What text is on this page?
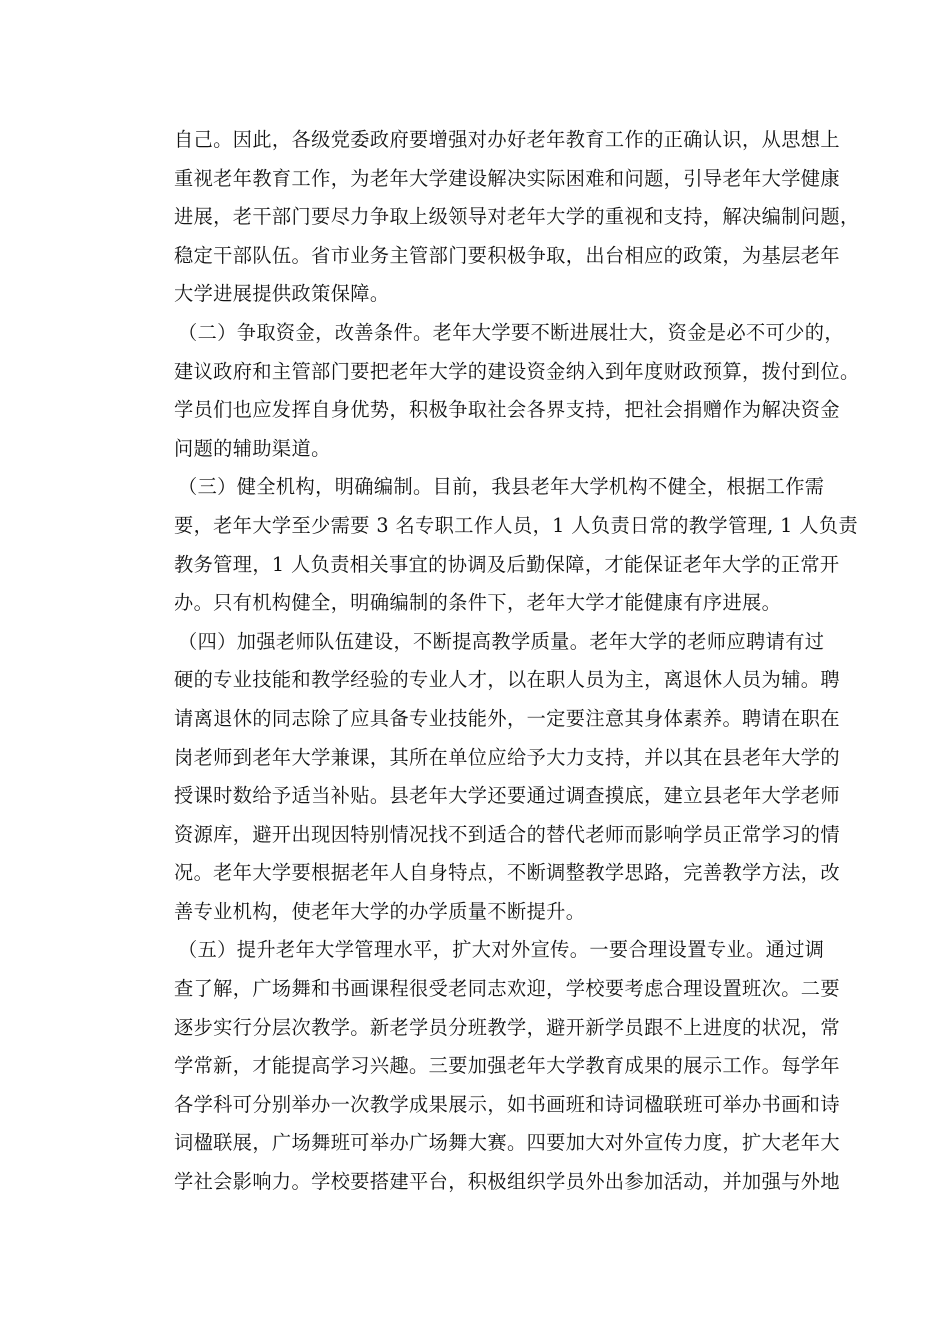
自己。因此，各级党委政府要增强对办好老年教育工作的正确认识，从思想上
重视老年教育工作，为老年大学建设解决实际困难和问题，引导老年大学健康
进展，老干部门要尽力争取上级领导对老年大学的重视和支持，解决编制问题，
稳定干部队伍。省市业务主管部门要积极争取，出台相应的政策，为基层老年
大学进展提供政策保障。
（二）争取资金，改善条件。老年大学要不断进展壮大，资金是必不可少的，
建议政府和主管部门要把老年大学的建设资金纳入到年度财政预算，拨付到位。
学员们也应发挥自身优势，积极争取社会各界支持，把社会捐赠作为解决资金
问题的辅助渠道。
（三）健全机构，明确编制。目前，我县老年大学机构不健全，根据工作需
要，老年大学至少需要 3 名专职工作人员，1 人负责日常的教学管理, 1 人负责
教务管理，1 人负责相关事宜的协调及后勤保障，才能保证老年大学的正常开
办。只有机构健全，明确编制的条件下，老年大学才能健康有序进展。
（四）加强老师队伍建设，不断提高教学质量。老年大学的老师应聘请有过
硬的专业技能和教学经验的专业人才，以在职人员为主，离退休人员为辅。聘
请离退休的同志除了应具备专业技能外，一定要注意其身体素养。聘请在职在
岗老师到老年大学兼课，其所在单位应给予大力支持，并以其在县老年大学的
授课时数给予适当补贴。县老年大学还要通过调查摸底，建立县老年大学老师
资源库，避开出现因特别情况找不到适合的替代老师而影响学员正常学习的情
况。老年大学要根据老年人自身特点，不断调整教学思路，完善教学方法，改
善专业机构，使老年大学的办学质量不断提升。
（五）提升老年大学管理水平，扩大对外宣传。一要合理设置专业。通过调
查了解，广场舞和书画课程很受老同志欢迎，学校要考虑合理设置班次。二要
逐步实行分层次教学。新老学员分班教学，避开新学员跟不上进度的状况，常
学常新，才能提高学习兴趣。三要加强老年大学教育成果的展示工作。每学年
各学科可分别举办一次教学成果展示，如书画班和诗词楹联班可举办书画和诗
词楹联展，广场舞班可举办广场舞大赛。四要加大对外宣传力度，扩大老年大
学社会影响力。学校要搭建平台，积极组织学员外出参加活动，并加强与外地
